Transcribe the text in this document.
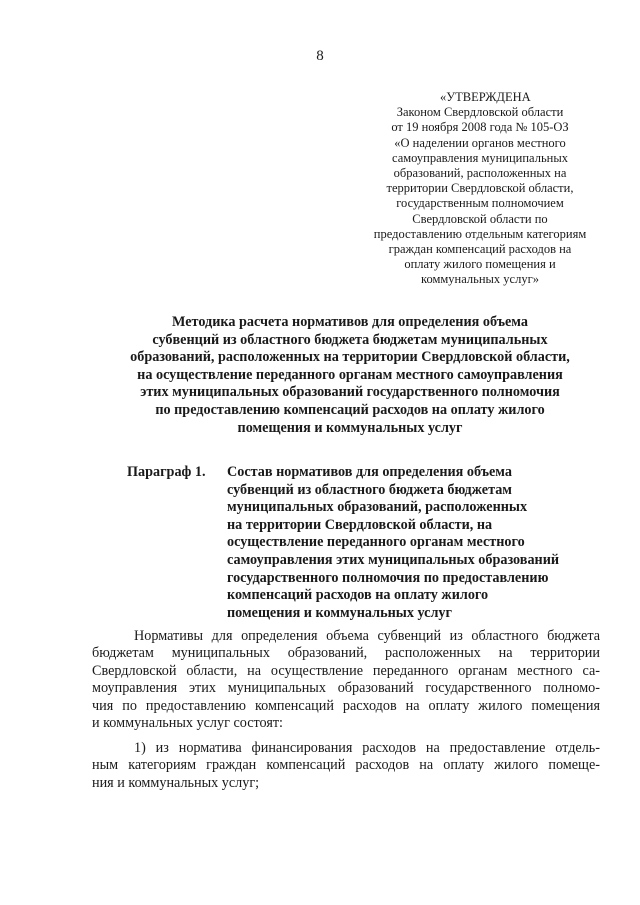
8
«УТВЕРЖДЕНА
Законом Свердловской области
от 19 ноября 2008 года № 105-ОЗ
«О наделении органов местного
самоуправления муниципальных
образований, расположенных на
территории Свердловской области,
государственным полномочием
Свердловской области по
предоставлению отдельным категориям
граждан компенсаций расходов на
оплату жилого помещения и
коммунальных услуг»
Методика расчета нормативов для определения объема
субвенций из областного бюджета бюджетам муниципальных
образований, расположенных на территории Свердловской области,
на осуществление переданного органам местного самоуправления
этих муниципальных образований государственного полномочия
по предоставлению компенсаций расходов на оплату жилого
помещения и коммунальных услуг
Параграф 1. Состав нормативов для определения объема
субвенций из областного бюджета бюджетам
муниципальных образований, расположенных
на территории Свердловской области, на
осуществление переданного органам местного
самоуправления этих муниципальных образований
государственного полномочия по предоставлению
компенсаций расходов на оплату жилого
помещения и коммунальных услуг
Нормативы для определения объема субвенций из областного бюджета
бюджетам муниципальных образований, расположенных на территории
Свердловской области, на осуществление переданного органам местного са-
моуправления этих муниципальных образований государственного полномо-
чия по предоставлению компенсаций расходов на оплату жилого помещения
и коммунальных услуг состоят:
1) из норматива финансирования расходов на предоставление отдель-
ным категориям граждан компенсаций расходов на оплату жилого помеще-
ния и коммунальных услуг;
